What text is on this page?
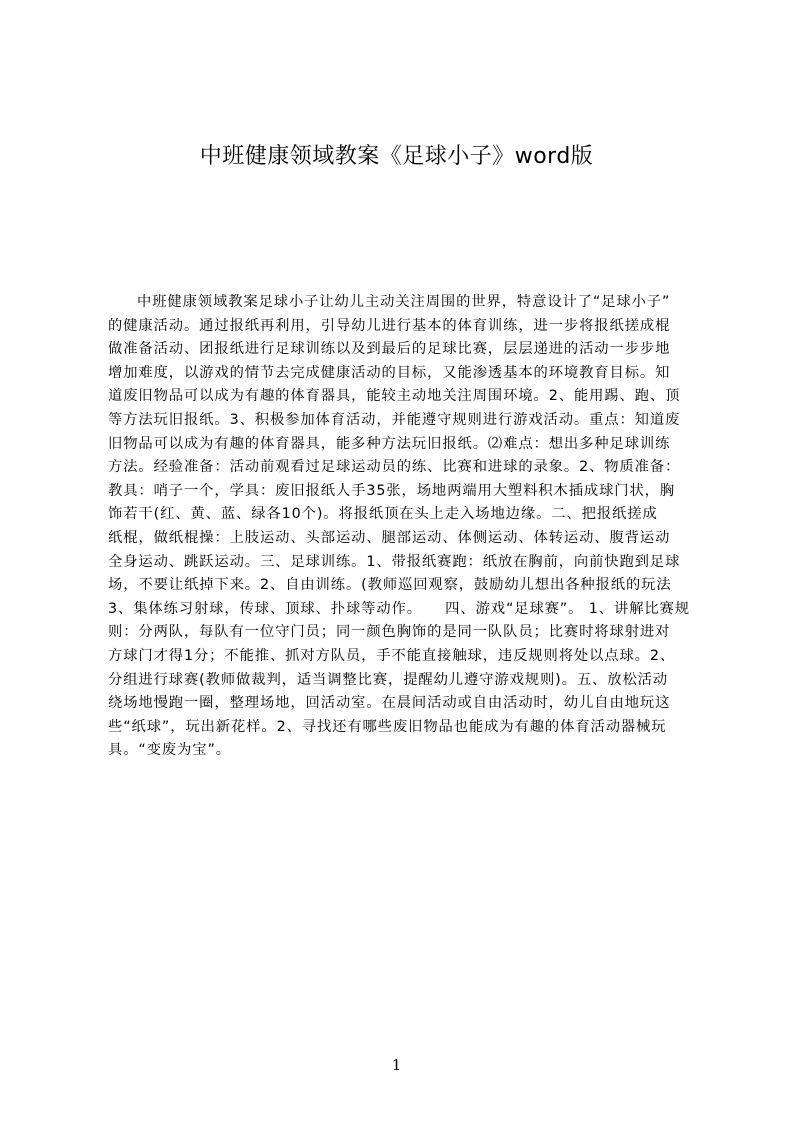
中班健康领域教案《足球小子》word版
中班健康领域教案足球小子让幼儿主动关注周围的世界，特意设计了“足球小子”
的健康活动。通过报纸再利用，引导幼儿进行基本的体育训练，进一步将报纸搓成棍
做准备活动、团报纸进行足球训练以及到最后的足球比赛，层层递进的活动一步步地
增加难度，以游戏的情节去完成健康活动的目标，又能渗透基本的环境教育目标。知
道废旧物品可以成为有趣的体育器具，能较主动地关注周围环境。2、能用踢、跑、顶
等方法玩旧报纸。3、积极参加体育活动，并能遵守规则进行游戏活动。重点：知道废
旧物品可以成为有趣的体育器具，能多种方法玩旧报纸。⑵难点：想出多种足球训练
方法。经验准备：活动前观看过足球运动员的练、比赛和进球的录象。2、物质准备：
教具：哨子一个，学具：废旧报纸人手35张，场地两端用大塑料积木插成球门状，胸
饰若干(红、黄、蓝、绿各10个)。将报纸顶在头上走入场地边缘。二、把报纸搓成
纸棍，做纸棍操：上肢运动、头部运动、腿部运动、体侧运动、体转运动、腹背运动
全身运动、跳跃运动。三、足球训练。1、带报纸赛跑：纸放在胸前，向前快跑到足球
场，不要让纸掉下来。2、自由训练。(教师巡回观察，鼓励幼儿想出各种报纸的玩法
3、集体练习射球，传球、顶球、扑球等动作。　　四、游戏“足球赛”。 1、讲解比赛规
则：分两队，每队有一位守门员；同一颜色胸饰的是同一队队员；比赛时将球射进对
方球门才得1分；不能推、抓对方队员，手不能直接触球，违反规则将处以点球。2、
分组进行球赛(教师做裁判，适当调整比赛，提醒幼儿遵守游戏规则)。五、放松活动
绕场地慢跑一圈，整理场地，回活动室。在晨间活动或自由活动时，幼儿自由地玩这
些“纸球”，玩出新花样。2、寻找还有哪些废旧物品也能成为有趣的体育活动器械玩
具。“变废为宝”。
1
